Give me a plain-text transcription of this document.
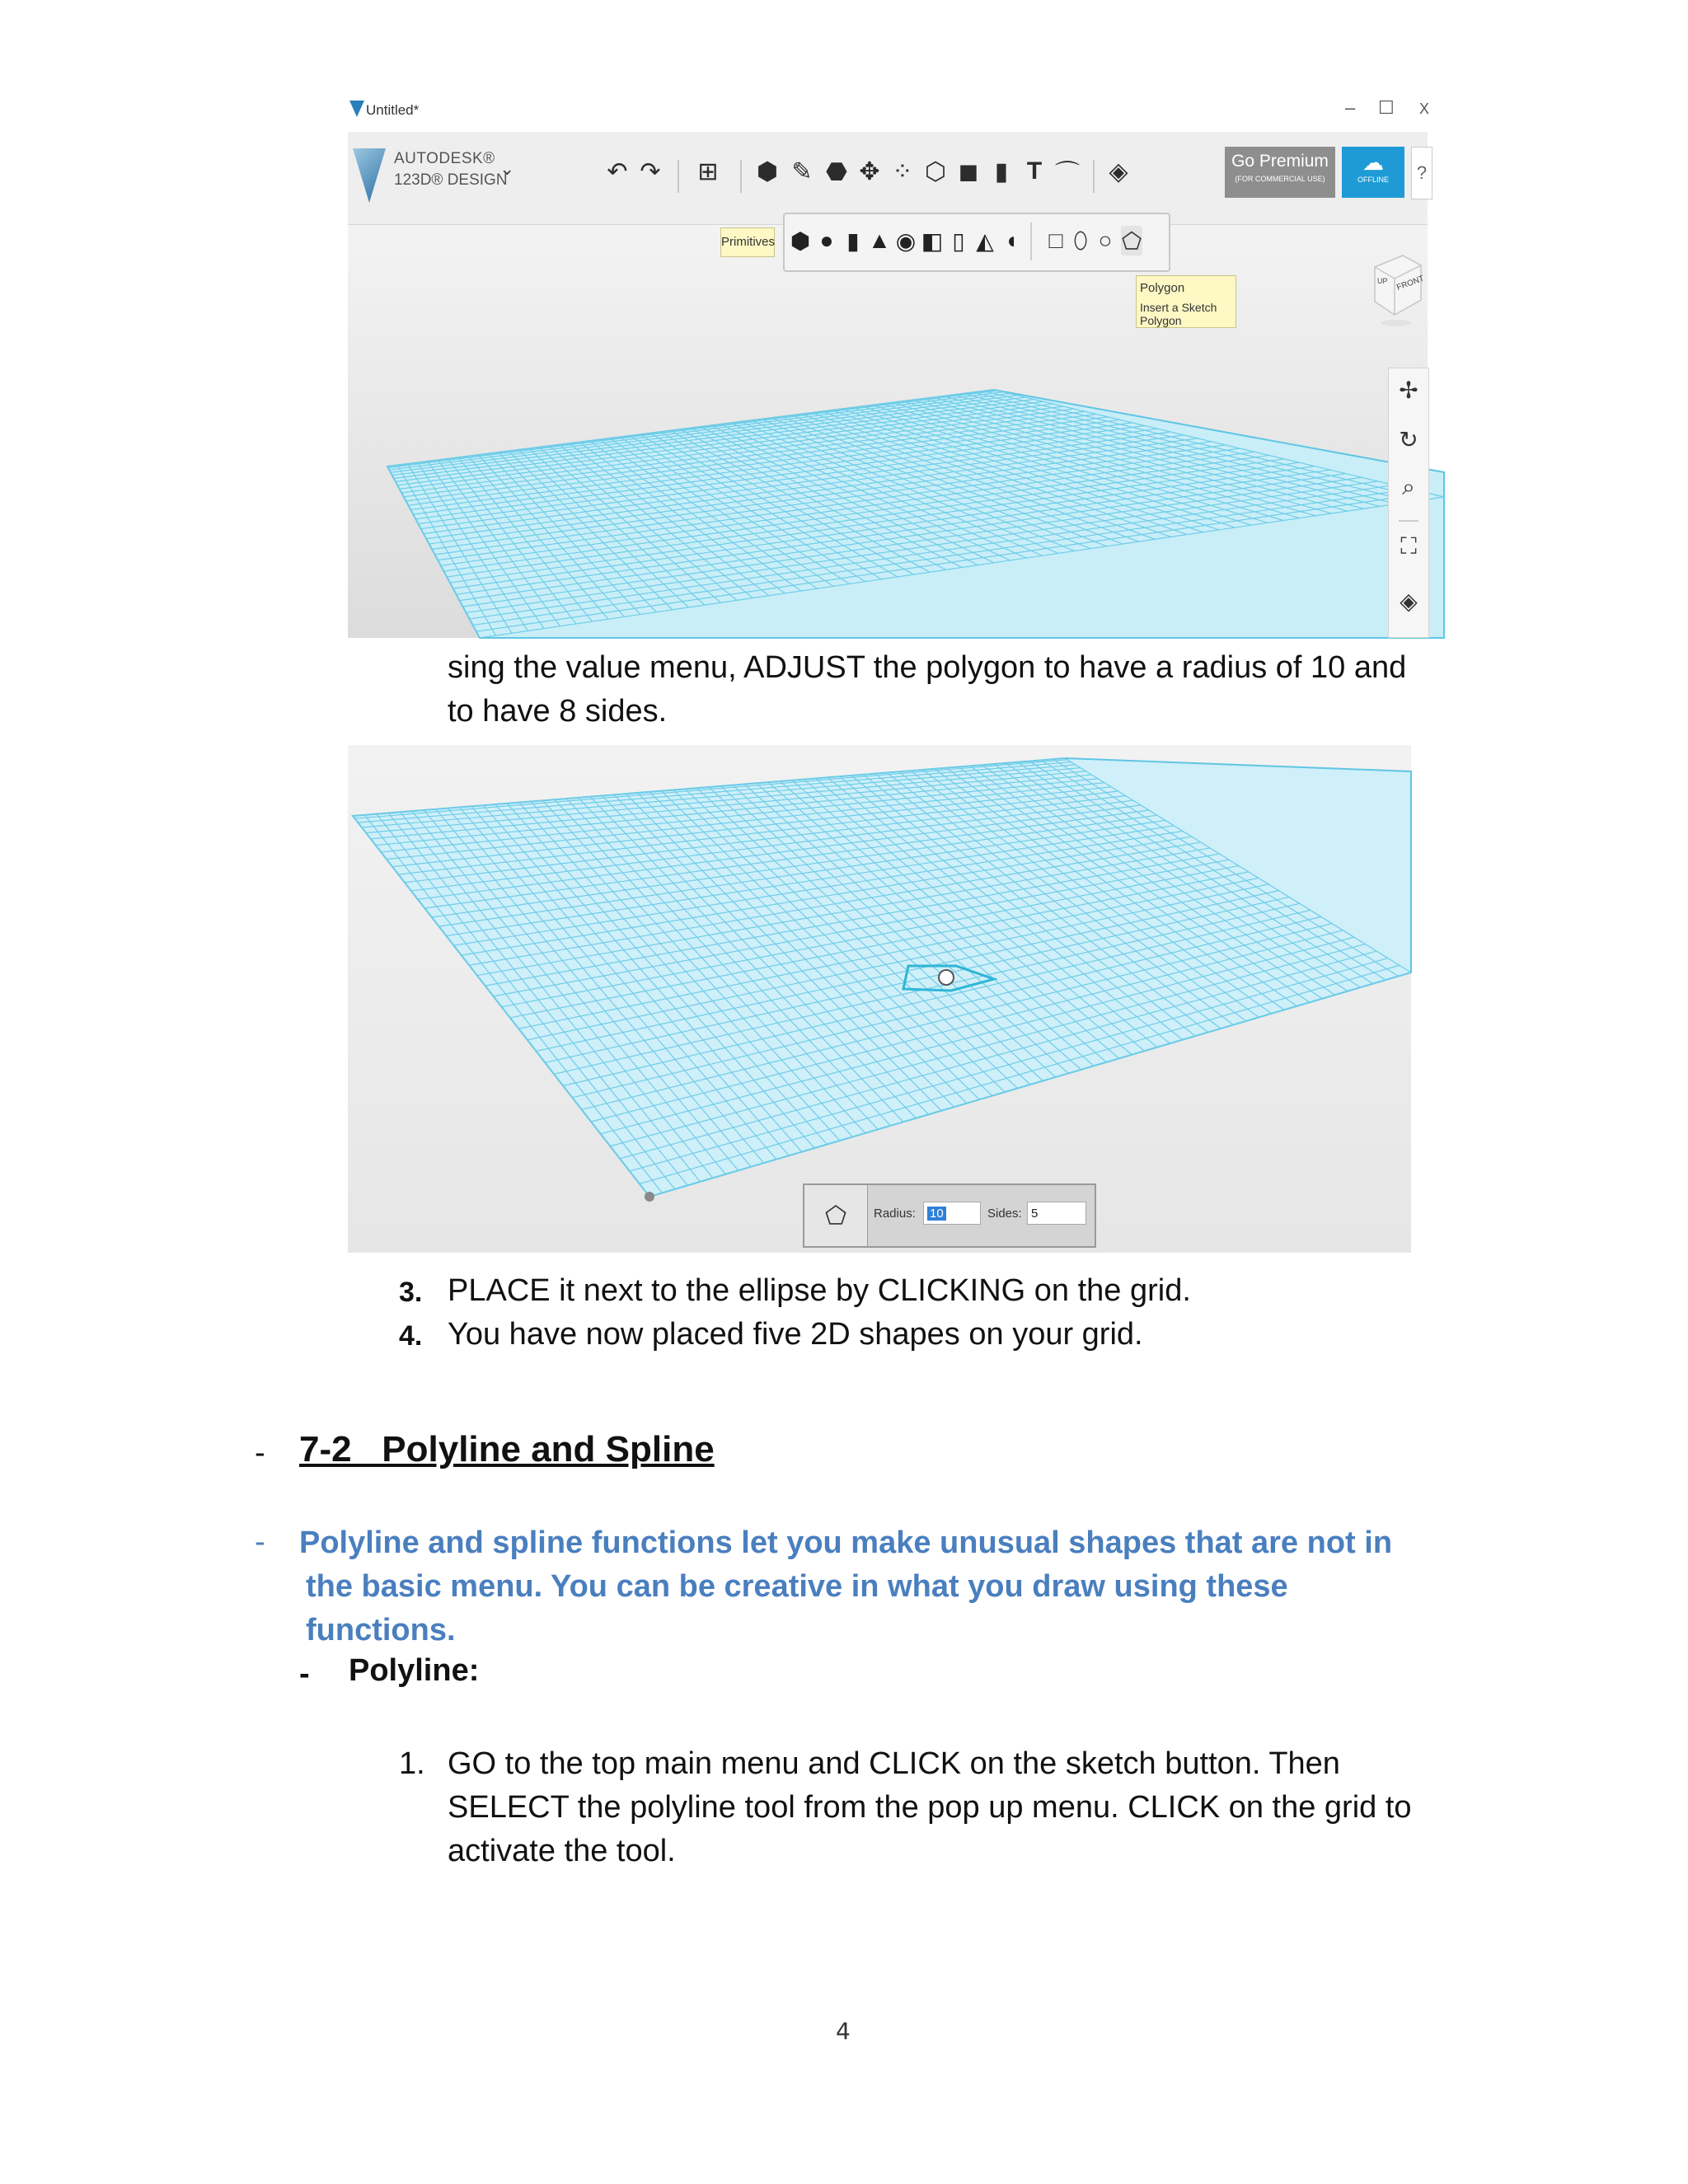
Untitled*	– ☐ X
AUTODESK®
123D® DESIGN
⌄	↶ ↷ ⊞ ⬢ ✎ ⬣ ✥ ⁘ ⬡ ◼ ▮ T ⌒ ◈	Go Premium
(FOR COMMERCIAL USE)
☁
OFFLINE	?
Primitives ⬢ ● ▮ ▲ ◉ ◧ ▯ ◭ ◖ □ ⬯ ○ ⬠
Polygon
Insert a Sketch Polygon
UP FRONT
✢
↻
⌕
⛶
◈
sing the value menu, ADJUST the polygon to have a radius of 10 and
to have 8 sides.
⬠	Radius:	10	Sides: 5
3. PLACE it next to the ellipse by CLICKING on the grid.
4. You have now placed five 2D shapes on your grid.
- 7-2   Polyline and Spline
- Polyline and spline functions let you make unusual shapes that are not in
the basic menu. You can be creative in what you draw using these
functions.
- Polyline:
1. GO to the top main menu and CLICK on the sketch button. Then
SELECT the polyline tool from the pop up menu. CLICK on the grid to
activate the tool.
4
